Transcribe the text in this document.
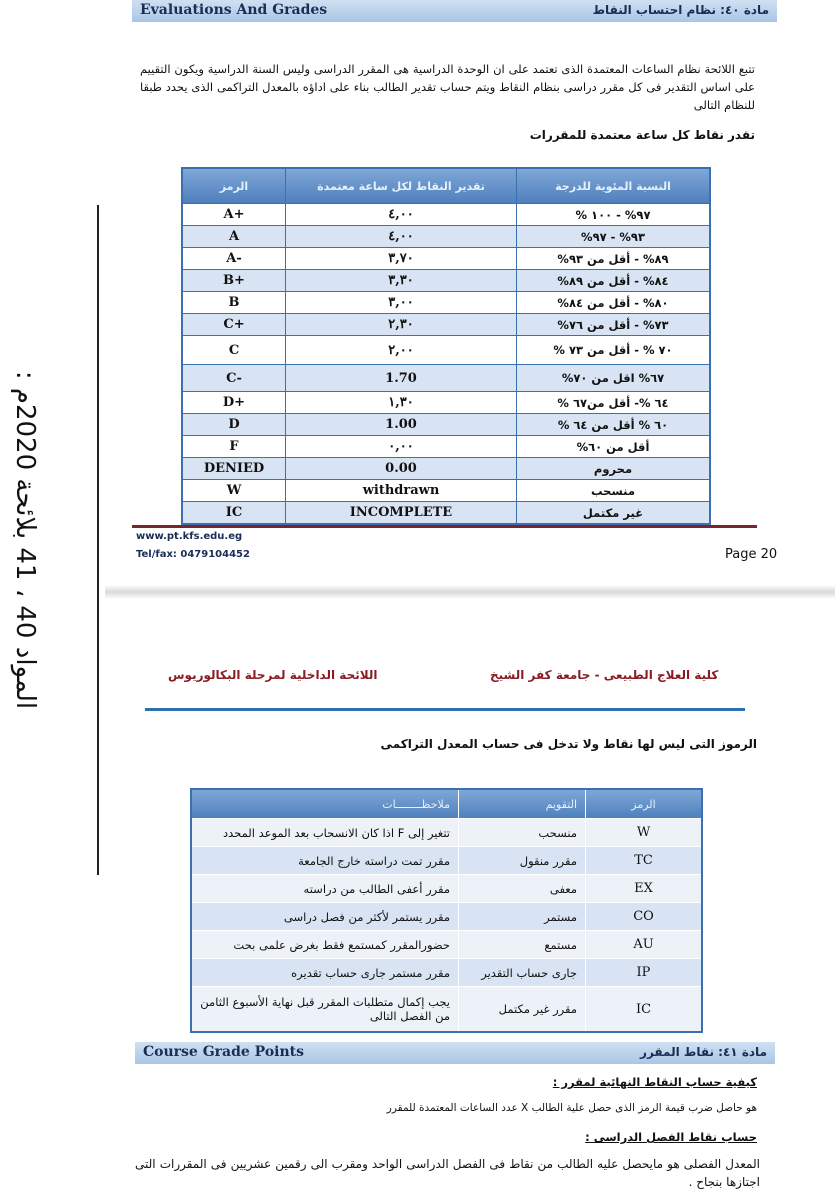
Evaluations And Grades	مادة ٤٠: نظام احتساب النقاط
تتبع اللائحة نظام الساعات المعتمدة الذى تعتمد على ان الوحدة الدراسية هى المقرر الدراسى وليس السنة الدراسية ويكون التقييم على اساس التقدير فى كل مقرر دراسى بنظام النقاط ويتم حساب تقدير الطالب بناء على اداؤه بالمعدل التراكمى الذى يحدد طبقا للنظام التالى
تقدر نقاط كل ساعة معتمدة للمقررات
الرمز	تقدير النقاط لكل ساعة معتمدة	النسبة المئوية للدرجة
A+	٤,٠٠	٩٧% - ١٠٠ %
A	٤,٠٠	٩٣% - ٩٧%
A-	٣,٧٠	٨٩% - أقل من ٩٣%
B+	٣,٣٠	٨٤% - أقل من ٨٩%
B	٣,٠٠	٨٠% - أقل من ٨٤%
C+	٢,٣٠	٧٣% - أقل من ٧٦%
C	٢,٠٠	٧٠ % - أقل من ٧٣ %
C-	1.70	٦٧% اقل من ٧٠%
D+	١,٣٠	٦٤ %- أقل من٦٧ %
D	1.00	٦٠ % أقل من ٦٤ %
F	٠,٠٠	أقل من ٦٠%
DENIED	0.00	محروم
W	withdrawn	منسحب
IC	INCOMPLETE	غير مكتمل
www.pt.kfs.edu.eg
Tel/fax: 0479104452	Page 20
المواد 40 ، 41 بلائحة 2020م :	كلية العلاج الطبيعى - جامعة كفر الشيخ
اللائحة الداخلية لمرحلة البكالوريوس
الرموز التى ليس لها نقاط ولا تدخل فى حساب المعدل التراكمى
ملاحظــــــــات	التقويم	الرمز
تتغير إلى F اذا كان الانسحاب بعد الموعد المحدد	منسحب	W
مقرر تمت دراسته خارج الجامعة	مقرر منقول	TC
مقرر أعفى الطالب من دراسته	معفى	EX
مقرر يستمر لأكثر من فصل دراسى	مستمر	CO
حضورالمقرر كمستمع فقط بغرض علمى بحت	مستمع	AU
مقرر مستمر جارى حساب تقديره	جارى حساب التقدير	IP
يجب إكمال متطلبات المقرر قبل نهاية الأسبوع الثامن من الفصل التالى	مقرر غير مكتمل	IC
Course Grade Points	مادة ٤١: نقاط المقرر
كيفية حساب النقاط النهائية لمقرر :
هو حاصل ضرب قيمة الرمز الذى حصل علية الطالب X عدد الساعات المعتمدة للمقرر
حساب نقاط الفصل الدراسى :
المعدل الفصلى هو مايحصل عليه الطالب من نقاط فى الفصل الدراسى الواحد ومقرب الى رقمين عشريين فى المقررات التى اجتازها بنجاح .
